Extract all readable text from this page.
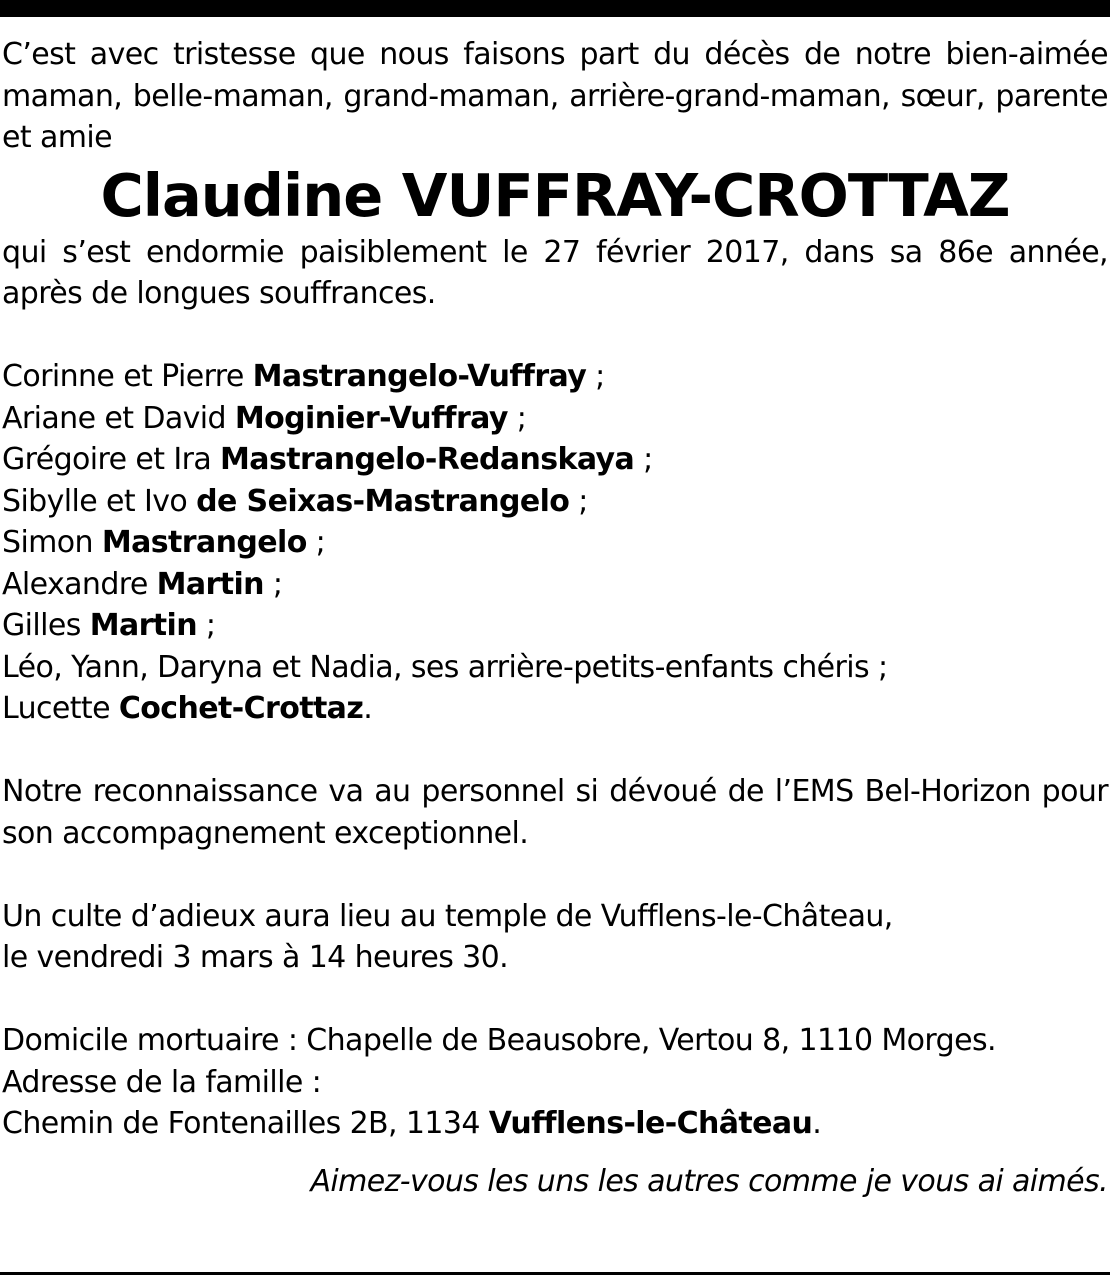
C’est avec tristesse que nous faisons part du décès de notre bien-aimée maman, belle-maman, grand-maman, arrière-grand-maman, sœur, parente et amie

Claudine VUFFRAY-CROTTAZ

qui s’est endormie paisiblement le 27 février 2017, dans sa 86e année, après de longues souffrances.

Corinne et Pierre Mastrangelo-Vuffray ;
Ariane et David Moginier-Vuffray ;
Grégoire et Ira Mastrangelo-Redanskaya ;
Sibylle et Ivo de Seixas-Mastrangelo ;
Simon Mastrangelo ;
Alexandre Martin ;
Gilles Martin ;
Léo, Yann, Daryna et Nadia, ses arrière-petits-enfants chéris ;
Lucette Cochet-Crottaz.

Notre reconnaissance va au personnel si dévoué de l’EMS Bel-Horizon pour son accompagnement exceptionnel.

Un culte d’adieux aura lieu au temple de Vufflens-le-Château,

le vendredi 3 mars à 14 heures 30.

Domicile mortuaire : Chapelle de Beausobre, Vertou 8, 1110 Morges.

Adresse de la famille :

Chemin de Fontenailles 2B, 1134 Vufflens-le-Château.

Aimez-vous les uns les autres comme je vous ai aimés.
